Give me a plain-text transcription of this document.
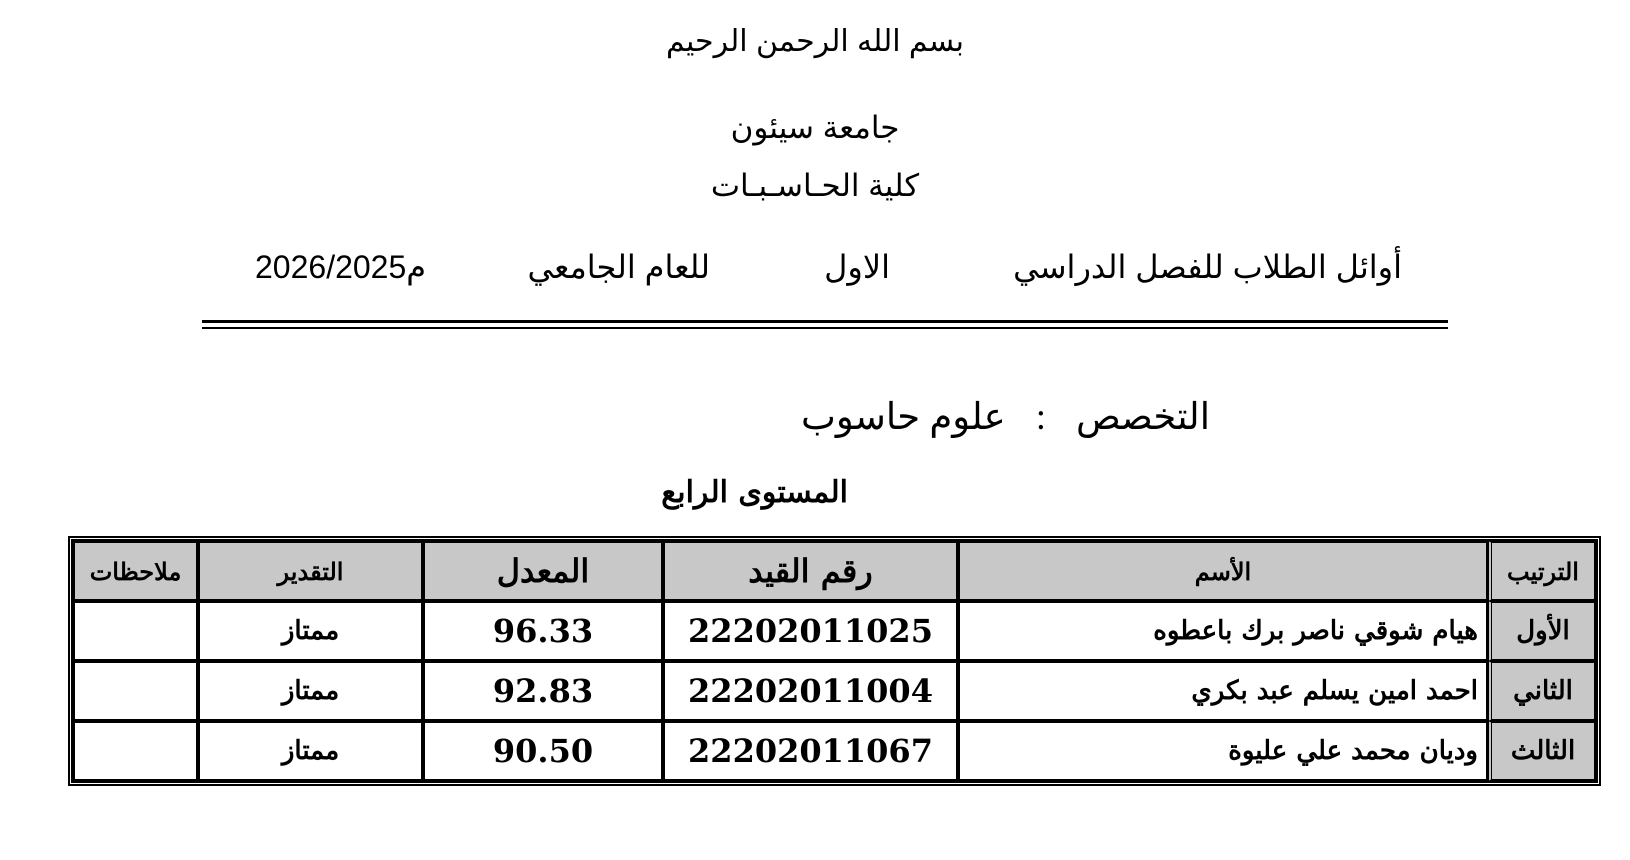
بسم الله الرحمن الرحيم
جامعة سيئون
كلية الحـاسـبـات
أوائل الطلاب للفصل الدراسي
الاول
للعام الجامعي
2026/2025م
التخصص:علوم حاسوب
المستوى الرابع
الترتيب	الأسم	رقم القيد	المعدل	التقدير	ملاحظات
الأول	هيام شوقي ناصر برك باعطوه	22202011025	96.33	ممتاز	
الثاني	احمد امين يسلم عبد بكري	22202011004	92.83	ممتاز	
الثالث	وديان محمد علي عليوة	22202011067	90.50	ممتاز	
